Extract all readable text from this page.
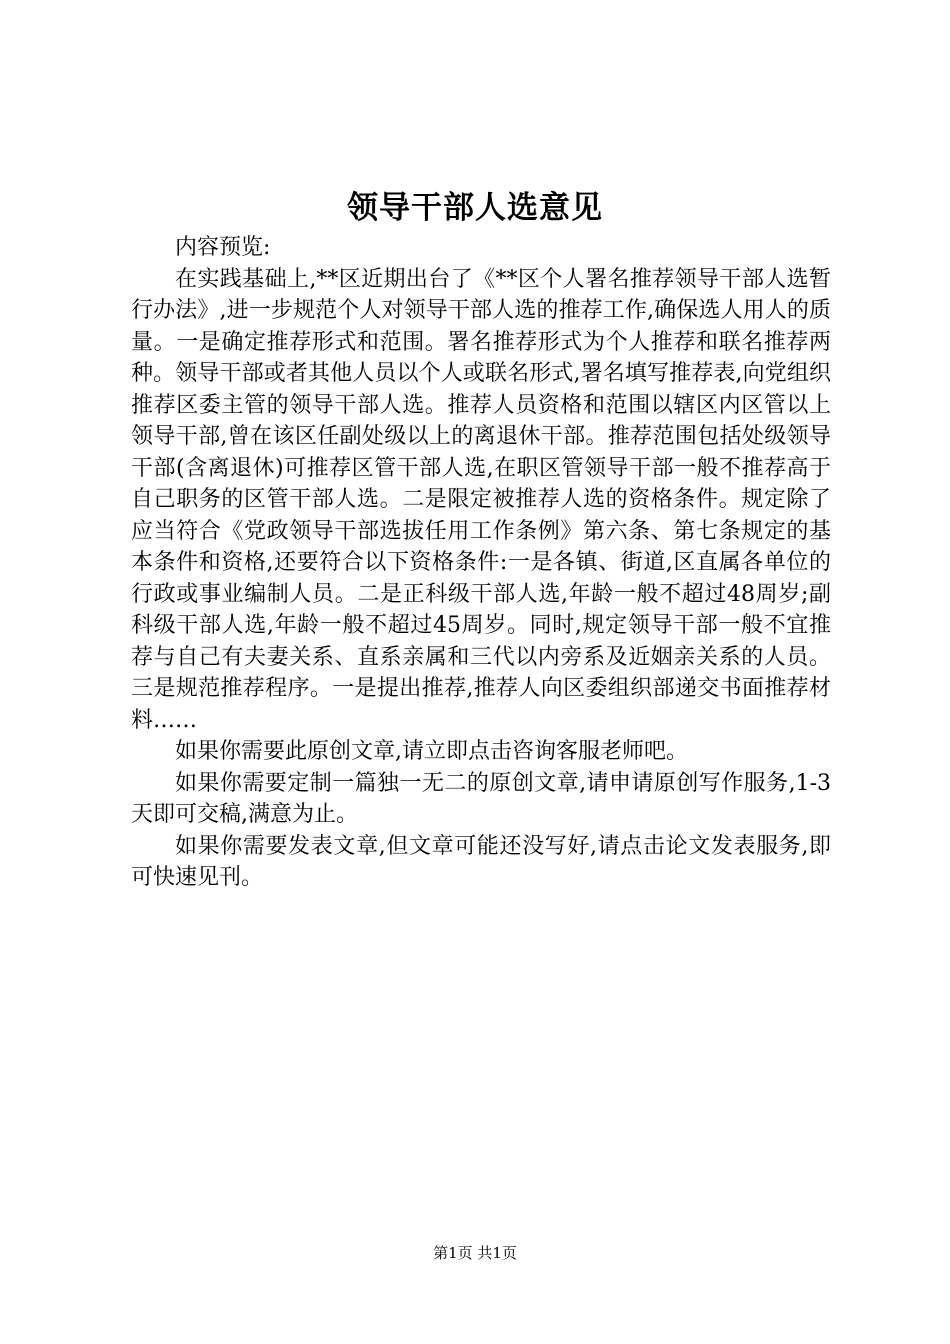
领导干部人选意见

内容预览:

在实践基础上,**区近期出台了《**区个人署名推荐领导干部人选暂行办法》,进一步规范个人对领导干部人选的推荐工作,确保选人用人的质量。一是确定推荐形式和范围。署名推荐形式为个人推荐和联名推荐两种。领导干部或者其他人员以个人或联名形式,署名填写推荐表,向党组织推荐区委主管的领导干部人选。推荐人员资格和范围以辖区内区管以上领导干部,曾在该区任副处级以上的离退休干部。推荐范围包括处级领导干部(含离退休)可推荐区管干部人选,在职区管领导干部一般不推荐高于自己职务的区管干部人选。二是限定被推荐人选的资格条件。规定除了应当符合《党政领导干部选拔任用工作条例》第六条、第七条规定的基本条件和资格,还要符合以下资格条件:一是各镇、街道,区直属各单位的行政或事业编制人员。二是正科级干部人选,年龄一般不超过48周岁;副科级干部人选,年龄一般不超过45周岁。同时,规定领导干部一般不宜推荐与自己有夫妻关系、直系亲属和三代以内旁系及近姻亲关系的人员。三是规范推荐程序。一是提出推荐,推荐人向区委组织部递交书面推荐材料……

如果你需要此原创文章,请立即点击咨询客服老师吧。

如果你需要定制一篇独一无二的原创文章,请申请原创写作服务,1-3天即可交稿,满意为止。

如果你需要发表文章,但文章可能还没写好,请点击论文发表服务,即可快速见刊。

第1页 共1页
